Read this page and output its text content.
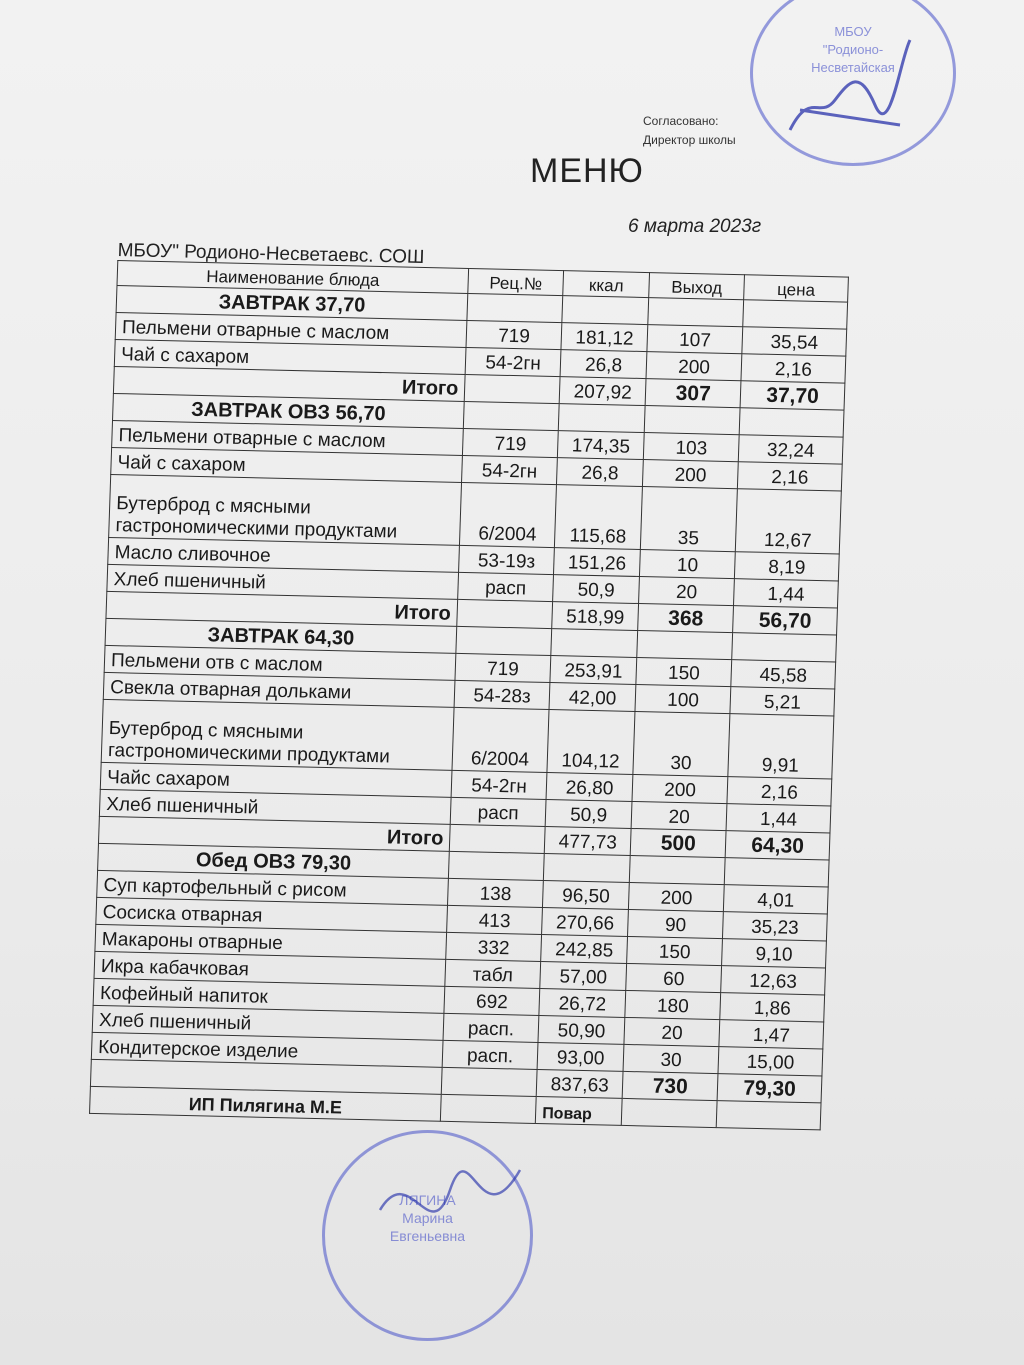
МБОУ
"Родионо-
Несветайская
Согласовано:
Директор школы
МЕНЮ
6 марта 2023г
МБОУ" Родионо-Несветаевс. СОШ
Наименование блюда	Рец.№	ккал	Выход	цена
ЗАВТРАК 37,70				
Пельмени отварные с маслом	719	181,12	107	35,54
Чай с сахаром	54-2гн	26,8	200	2,16
Итого		207,92	307	37,70
ЗАВТРАК ОВЗ 56,70				
Пельмени отварные с маслом	719	174,35	103	32,24
Чай с сахаром	54-2гн	26,8	200	2,16
Бутерброд с мясными гастрономическими продуктами	6/2004	115,68	35	12,67
Масло сливочное	53-19з	151,26	10	8,19
Хлеб пшеничный	расп	50,9	20	1,44
Итого		518,99	368	56,70
ЗАВТРАК 64,30				
Пельмени отв с маслом	719	253,91	150	45,58
Свекла отварная дольками	54-28з	42,00	100	5,21
Бутерброд с мясными гастрономическими продуктами	6/2004	104,12	30	9,91
Чайс сахаром	54-2гн	26,80	200	2,16
Хлеб пшеничный	расп	50,9	20	1,44
Итого		477,73	500	64,30
Обед ОВЗ 79,30				
Суп картофельный с рисом	138	96,50	200	4,01
Сосиска отварная	413	270,66	90	35,23
Макароны отварные	332	242,85	150	9,10
Икра кабачковая	табл	57,00	60	12,63
Кофейный напиток	692	26,72	180	1,86
Хлеб пшеничный	расп.	50,90	20	1,47
Кондитерское изделие	расп.	93,00	30	15,00
		837,63	730	79,30
ИП Пилягина М.Е		Повар		
ЛЯГИНА
Марина
Евгеньевна
